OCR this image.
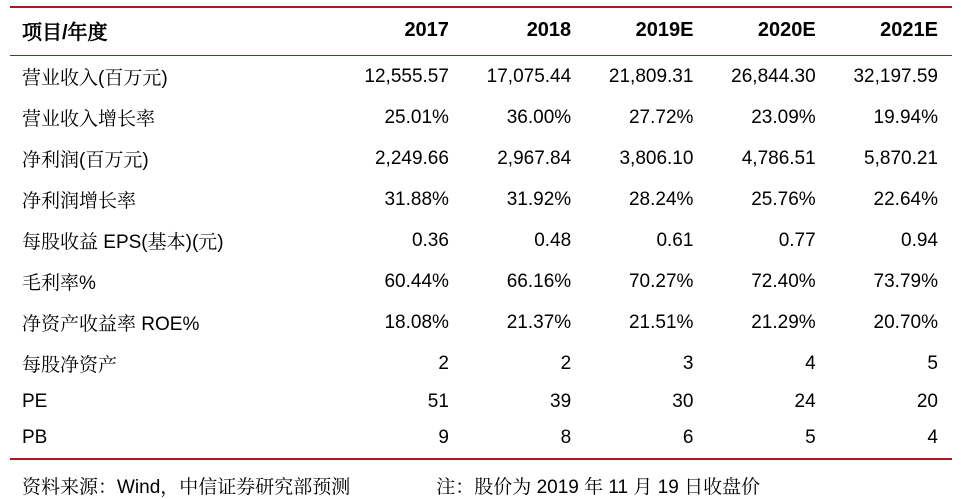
项目/年度	2017	2018	2019E	2020E	2021E
营业收入(百万元)	12,555.57	17,075.44	21,809.31	26,844.30	32,197.59
营业收入增长率	25.01%	36.00%	27.72%	23.09%	19.94%
净利润(百万元)	2,249.66	2,967.84	3,806.10	4,786.51	5,870.21
净利润增长率	31.88%	31.92%	28.24%	25.76%	22.64%
每股收益 EPS(基本)(元)	0.36	0.48	0.61	0.77	0.94
毛利率%	60.44%	66.16%	70.27%	72.40%	73.79%
净资产收益率 ROE%	18.08%	21.37%	21.51%	21.29%	20.70%
每股净资产	2	2	3	4	5
PE	51	39	30	24	20
PB	9	8	6	5	4
资料来源：Wind，中信证券研究部预测	注：股价为 2019 年 11 月 19 日收盘价
